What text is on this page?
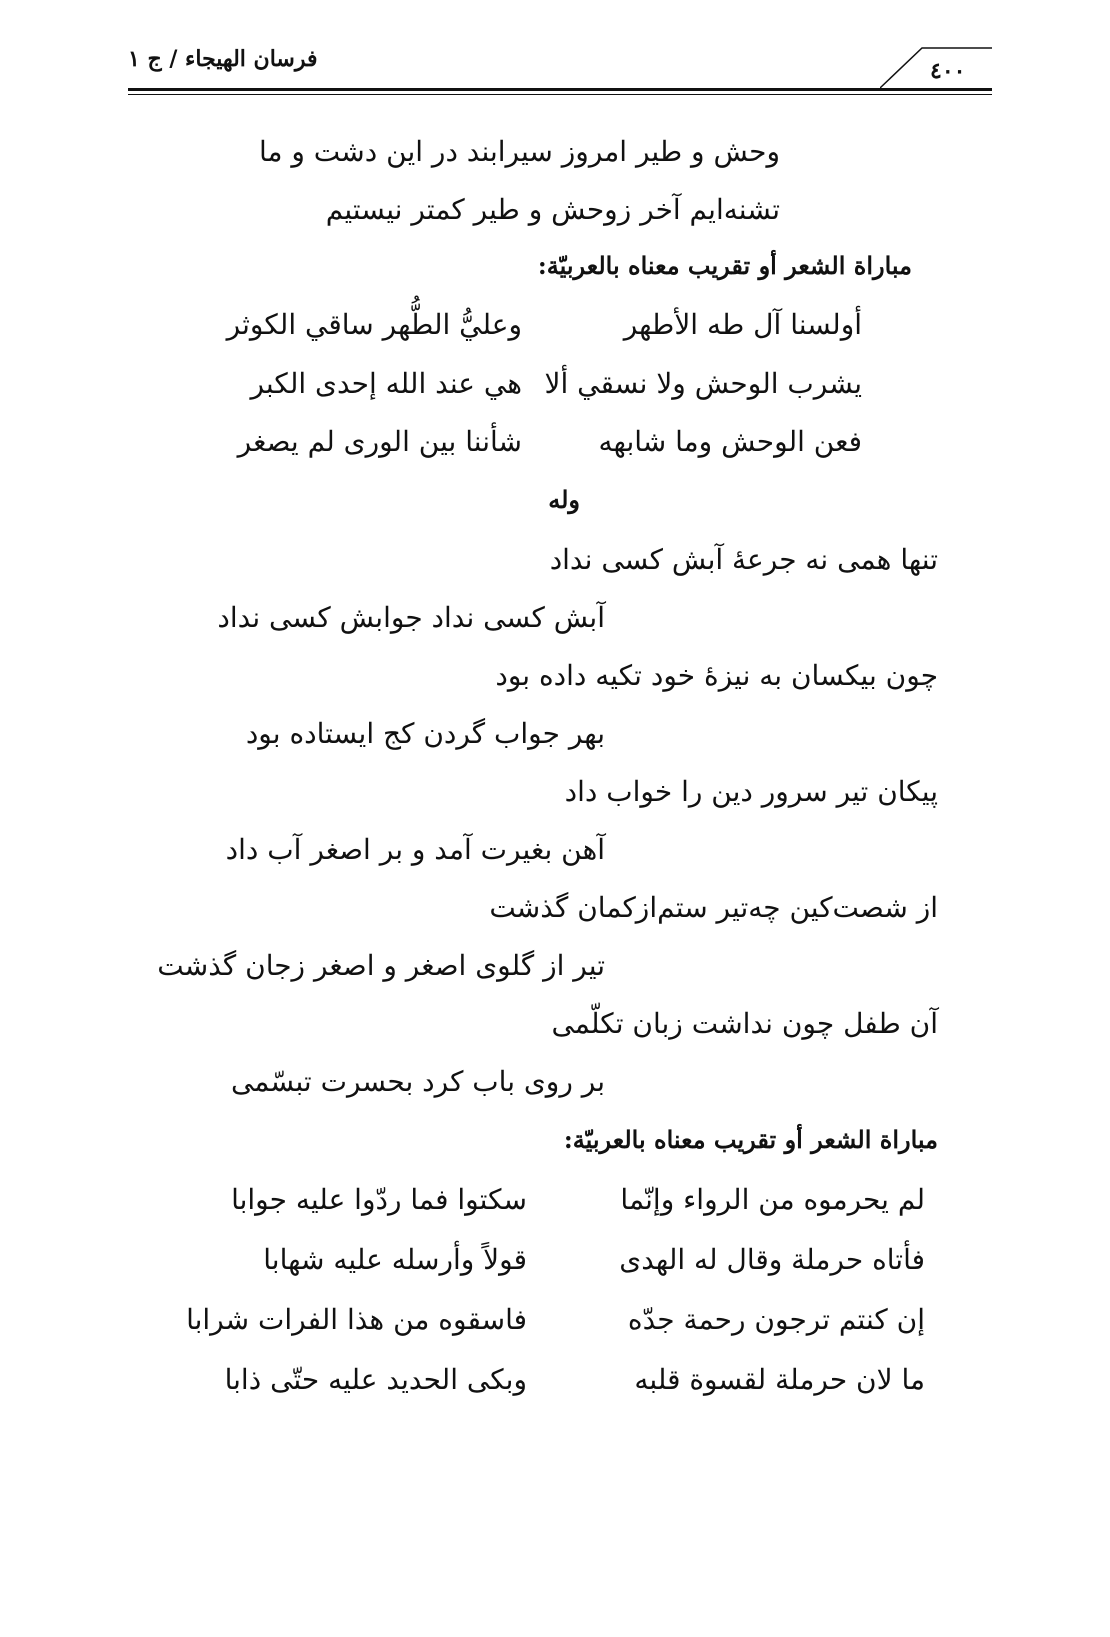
فرسان الهيجاء / ج ١	٤٠٠
وحش و طير امروز سيرابند در اين دشت و ما
تشنه‌ايم آخر زوحش و طير كمتر نيستيم
مباراة الشعر أو تقريب معناه بالعربيّة:
أولسنا آل طه الأطهر
وعليُّ الطُّهر ساقي الكوثر
يشرب الوحش ولا نسقي ألا
هي عند الله إحدى الكبر
فعن الوحش وما شابهه
شأننا بين الورى لم يصغر
وله
تنها همى نه جرعهٔ آبش كسى نداد
آبش كسى نداد جوابش كسى نداد
چون بيكسان به نيزهٔ خود تكيه داده بود
بهر جواب گردن كج ايستاده بود
پيكان تير سرور دين را خواب داد
آهن بغيرت آمد و بر اصغر آب داد
از شصت‌كين چه‌تير ستم‌ازكمان گذشت
تير از گلوى اصغر و اصغر زجان گذشت
آن طفل چون نداشت زبان تكلّمى
بر روى باب كرد بحسرت تبسّمى
مباراة الشعر أو تقريب معناه بالعربيّة:
لم يحرموه من الرواء وإنّما
سكتوا فما ردّوا عليه جوابا
فأتاه حرملة وقال له الهدى
قولاً وأرسله عليه شهابا
إن كنتم ترجون رحمة جدّه
فاسقوه من هذا الفرات شرابا
ما لان حرملة لقسوة قلبه
وبكى الحديد عليه حتّى ذابا
